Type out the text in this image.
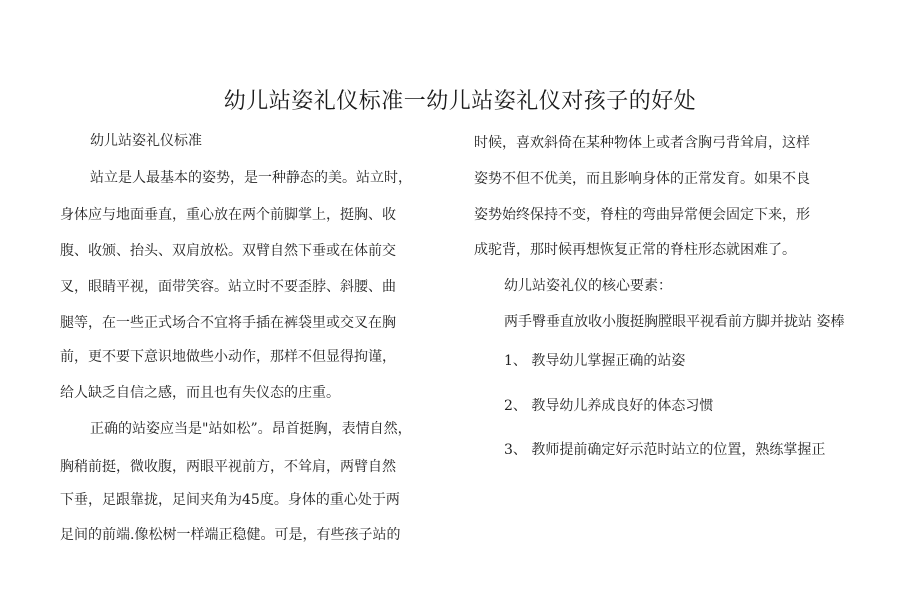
幼儿站姿礼仪标准一幼儿站姿礼仪对孩子的好处
幼儿站姿礼仪标准
站立是人最基本的姿势，是一种静态的美。站立时，
身体应与地面垂直，重心放在两个前脚掌上，挺胸、收
腹、收颁、抬头、双肩放松。双臂自然下垂或在体前交
叉，眼睛平视，面带笑容。站立时不要歪脖、斜腰、曲
腿等，在一些正式场合不宜将手插在裤袋里或交叉在胸
前，更不要下意识地做些小动作，那样不但显得拘谨，
给人缺乏自信之感，而且也有失仪态的庄重。
正确的站姿应当是"站如松”。昂首挺胸，表情自然，
胸稍前挺，微收腹，两眼平视前方，不耸肩，两臂自然
下垂，足跟靠拢，足间夹角为45度。身体的重心处于两
足间的前端.像松树一样端正稳健。可是，有些孩子站的
时候，喜欢斜倚在某种物体上或者含胸弓背耸肩，这样
姿势不但不优美，而且影响身体的正常发育。如果不良
姿势始终保持不变，脊柱的弯曲异常便会固定下来，形
成驼背，那时候再想恢复正常的脊柱形态就困难了。
幼儿站姿礼仪的核心要素：
两手臀垂直放收小腹挺胸膛眼平视看前方脚并拢站 姿棒
1、 教导幼儿掌握正确的站姿
2、 教导幼儿养成良好的体态习惯
3、 教师提前确定好示范时站立的位置，熟练掌握正
